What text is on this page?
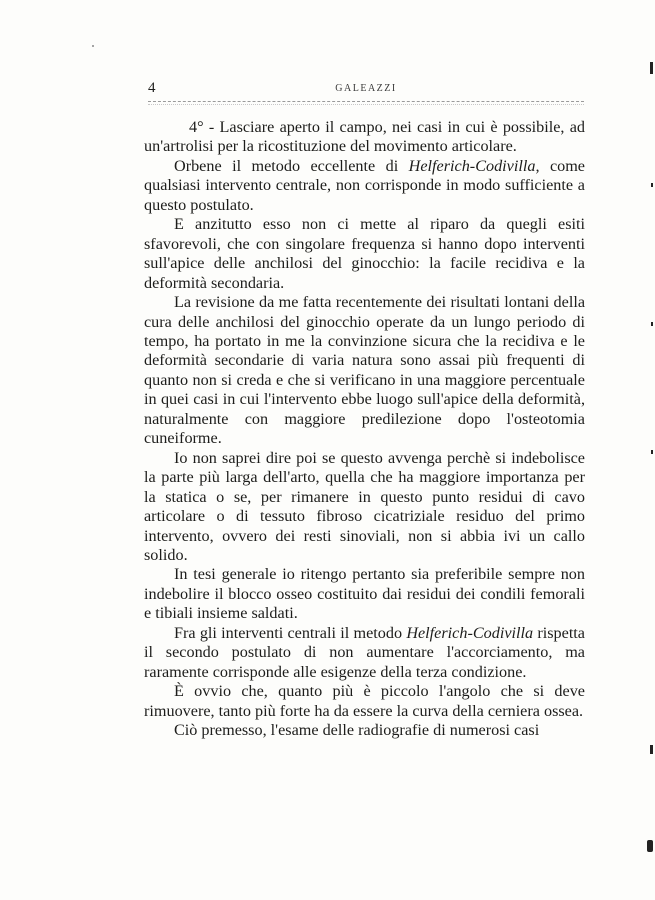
4	GALEAZZI

4° - Lasciare aperto il campo, nei casi in cui è possibile, ad un'artrolisi per la ricostituzione del movimento articolare.

Orbene il metodo eccellente di Helferich-Codivilla, come qualsiasi intervento centrale, non corrisponde in modo sufficiente a questo postulato.

E anzitutto esso non ci mette al riparo da quegli esiti sfavorevoli, che con singolare frequenza si hanno dopo interventi sull'apice delle anchilosi del ginocchio: la facile recidiva e la deformità secondaria.

La revisione da me fatta recentemente dei risultati lontani della cura delle anchilosi del ginocchio operate da un lungo periodo di tempo, ha portato in me la convinzione sicura che la recidiva e le deformità secondarie di varia natura sono assai più frequenti di quanto non si creda e che si verificano in una maggiore percentuale in quei casi in cui l'intervento ebbe luogo sull'apice della deformità, naturalmente con maggiore predilezione dopo l'osteotomia cuneiforme.

Io non saprei dire poi se questo avvenga perchè si indebolisce la parte più larga dell'arto, quella che ha maggiore importanza per la statica o se, per rimanere in questo punto residui di cavo articolare o di tessuto fibroso cicatriziale residuo del primo intervento, ovvero dei resti sinoviali, non si abbia ivi un callo solido.

In tesi generale io ritengo pertanto sia preferibile sempre non indebolire il blocco osseo costituito dai residui dei condili femorali e tibiali insieme saldati.

Fra gli interventi centrali il metodo Helferich-Codivilla rispetta il secondo postulato di non aumentare l'accorciamento, ma raramente corrisponde alle esigenze della terza condizione.

È ovvio che, quanto più è piccolo l'angolo che si deve rimuovere, tanto più forte ha da essere la curva della cerniera ossea.

Ciò premesso, l'esame delle radiografie di numerosi casi
